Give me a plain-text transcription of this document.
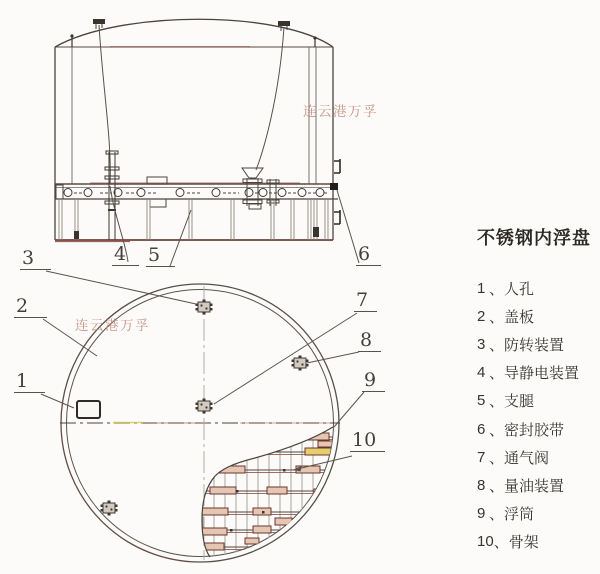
连云港万孚
连云港万孚
3
2
1
4	5	6
7
8
9
10
不锈钢内浮盘
1 、 人孔
2 、 盖板
3 、 防转装置
4 、 导静电装置
5 、 支腿
6 、 密封胶带
7 、 通气阀
8 、 量油装置
9 、 浮筒
10 、 骨架
